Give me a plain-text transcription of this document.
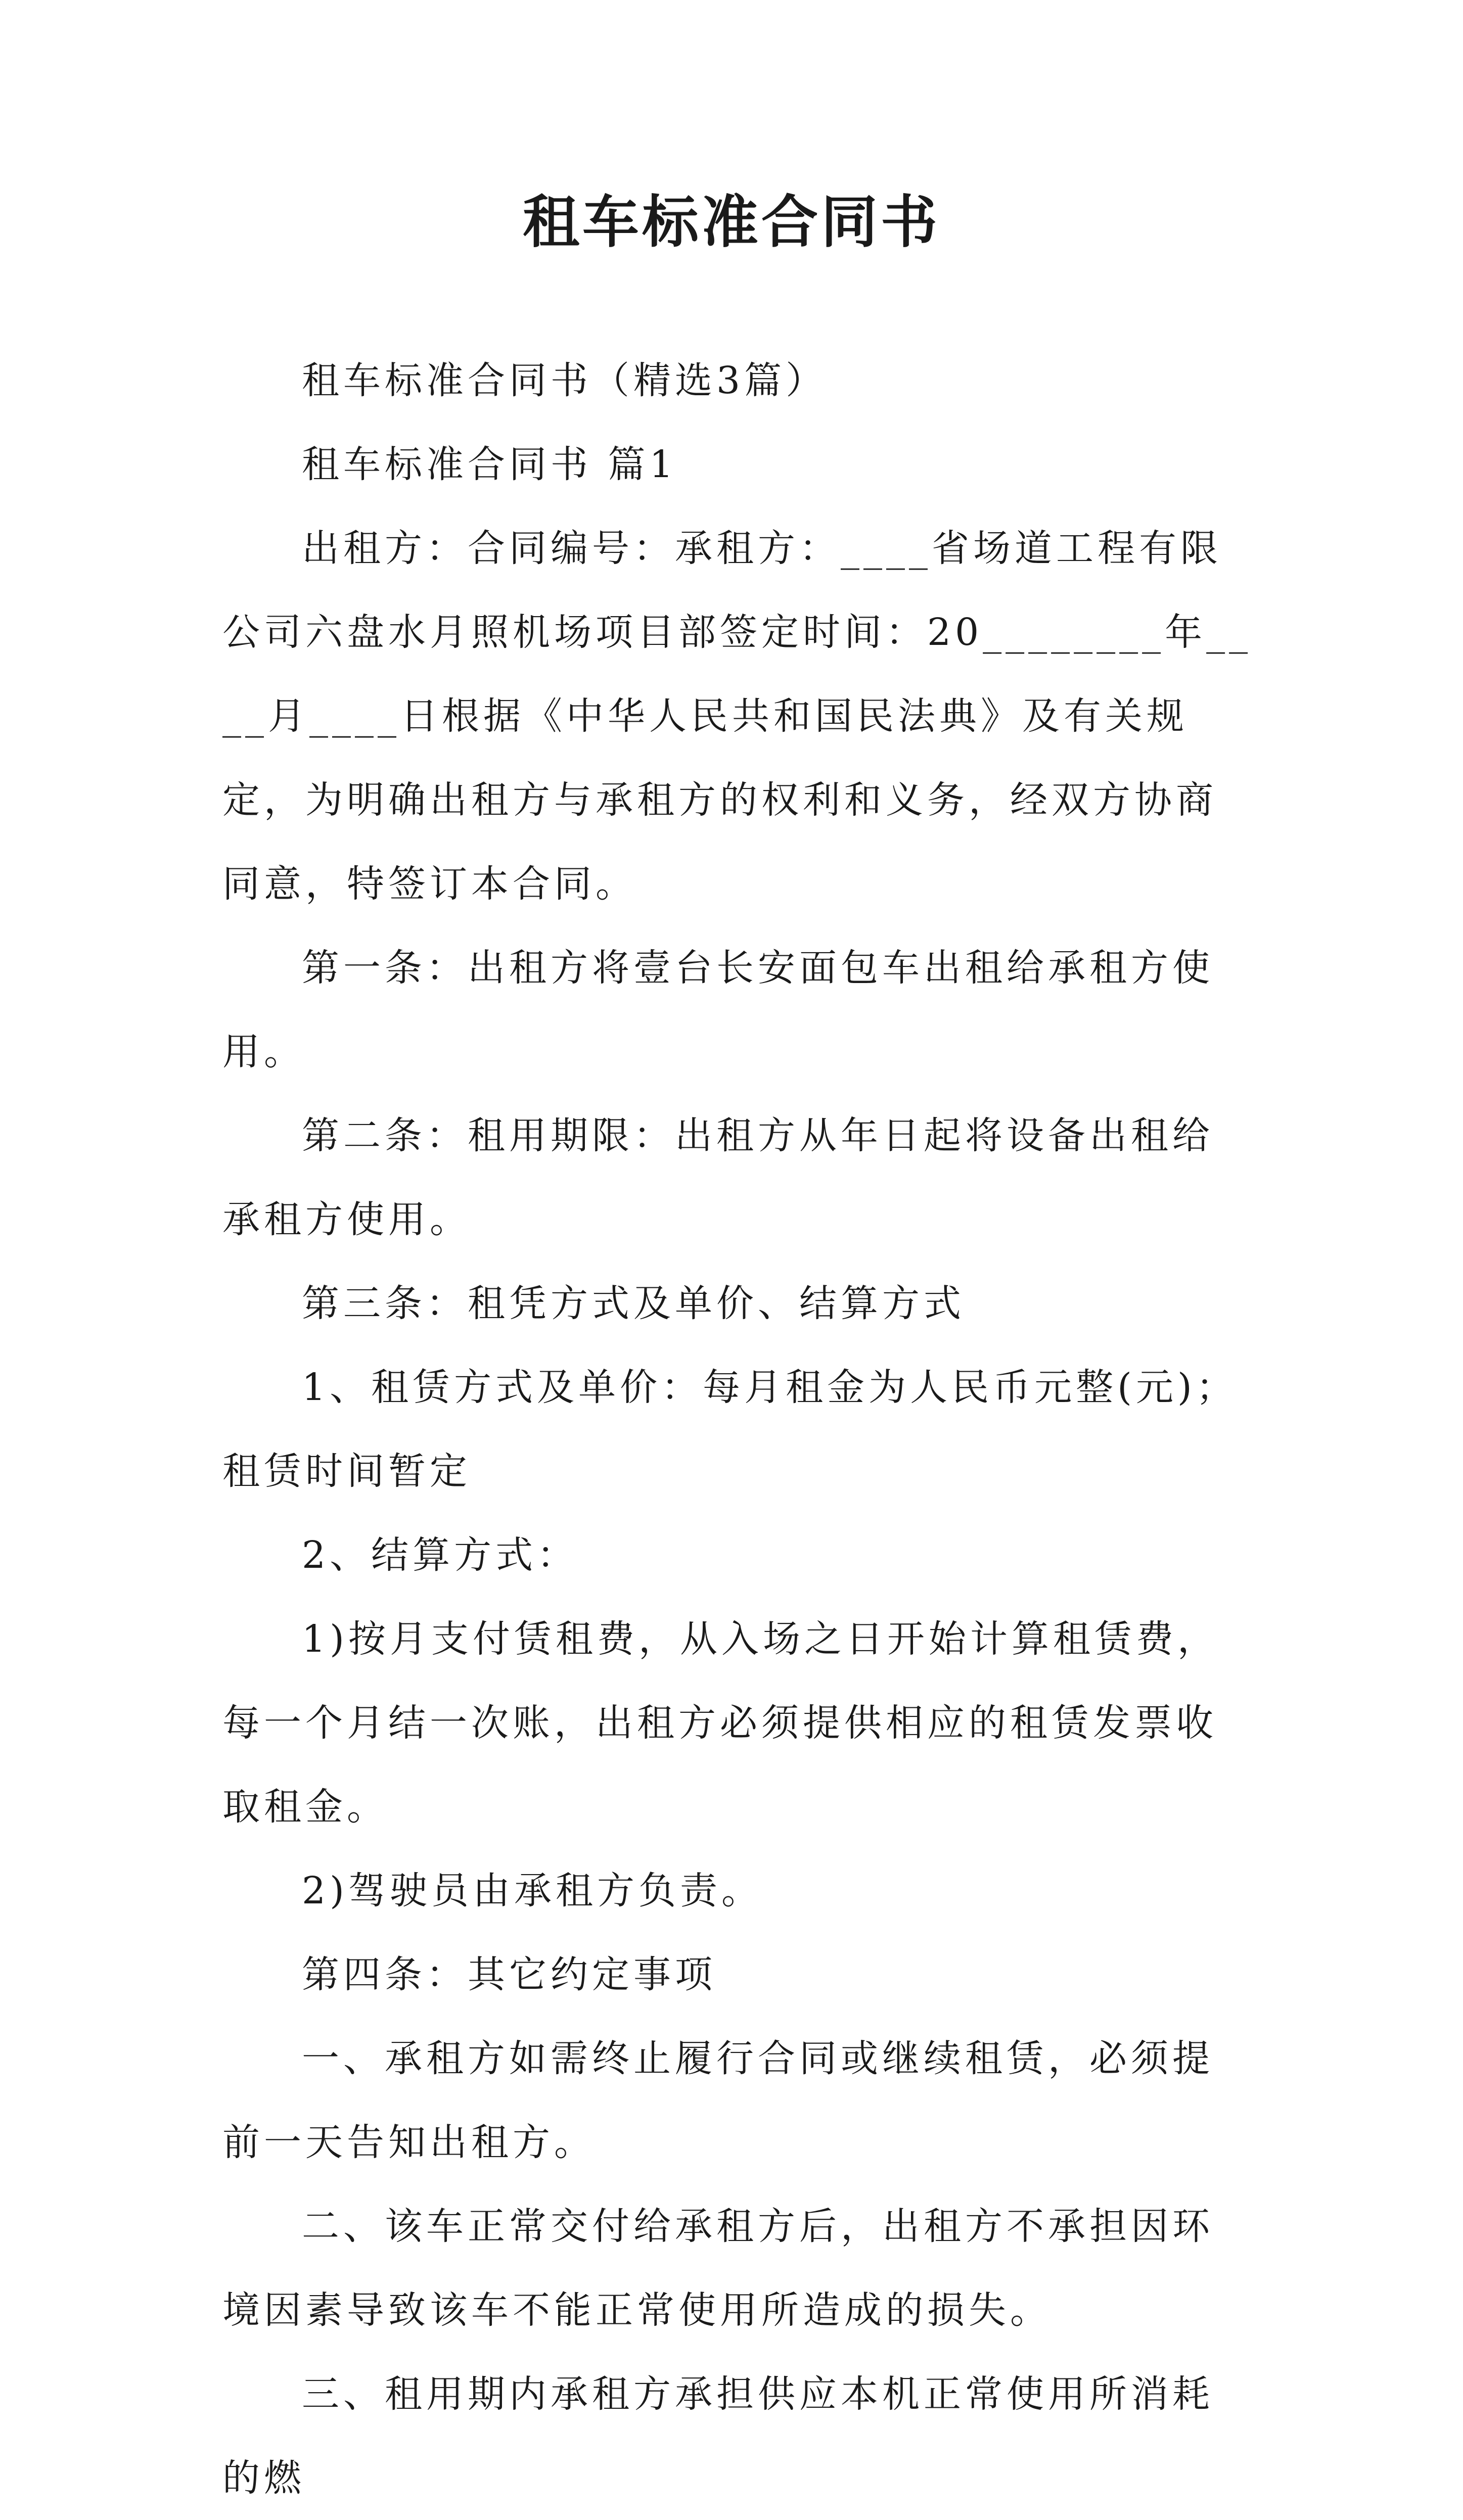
租车标准合同书

租车标准合同书（精选3篇）

租车标准合同书 篇1

出租方：合同编号：承租方：____省场道工程有限公司六盘水月照机场项目部签定时间：20________年____月____日根据《中华人民共和国民法典》及有关规定，为明确出租方与承租方的权利和义务，经双方协商同意，特签订本合同。

第一条：出租方将壹台长安面包车出租给承租方使用。

第二条：租用期限：出租方从年日起将设备出租给承租方使用。

第三条：租凭方式及单价、结算方式

1、租赁方式及单价：每月租金为人民币元整(元)；租赁时间暂定

2、结算方式：

1)按月支付赁租费，从入场之日开始计算租赁费，每一个月结一次账，出租方必须提供相应的租赁发票收取租金。

2)驾驶员由承租方负责。

第四条：其它约定事项

一、承租方如需终止履行合同或继续租赁，必须提前一天告知出租方。

二、该车正常交付给承租方后，出租方不承担因环境因素导致该车不能正常使用所造成的损失。

三、租用期内承租方承担供应本机正常使用所消耗的燃
